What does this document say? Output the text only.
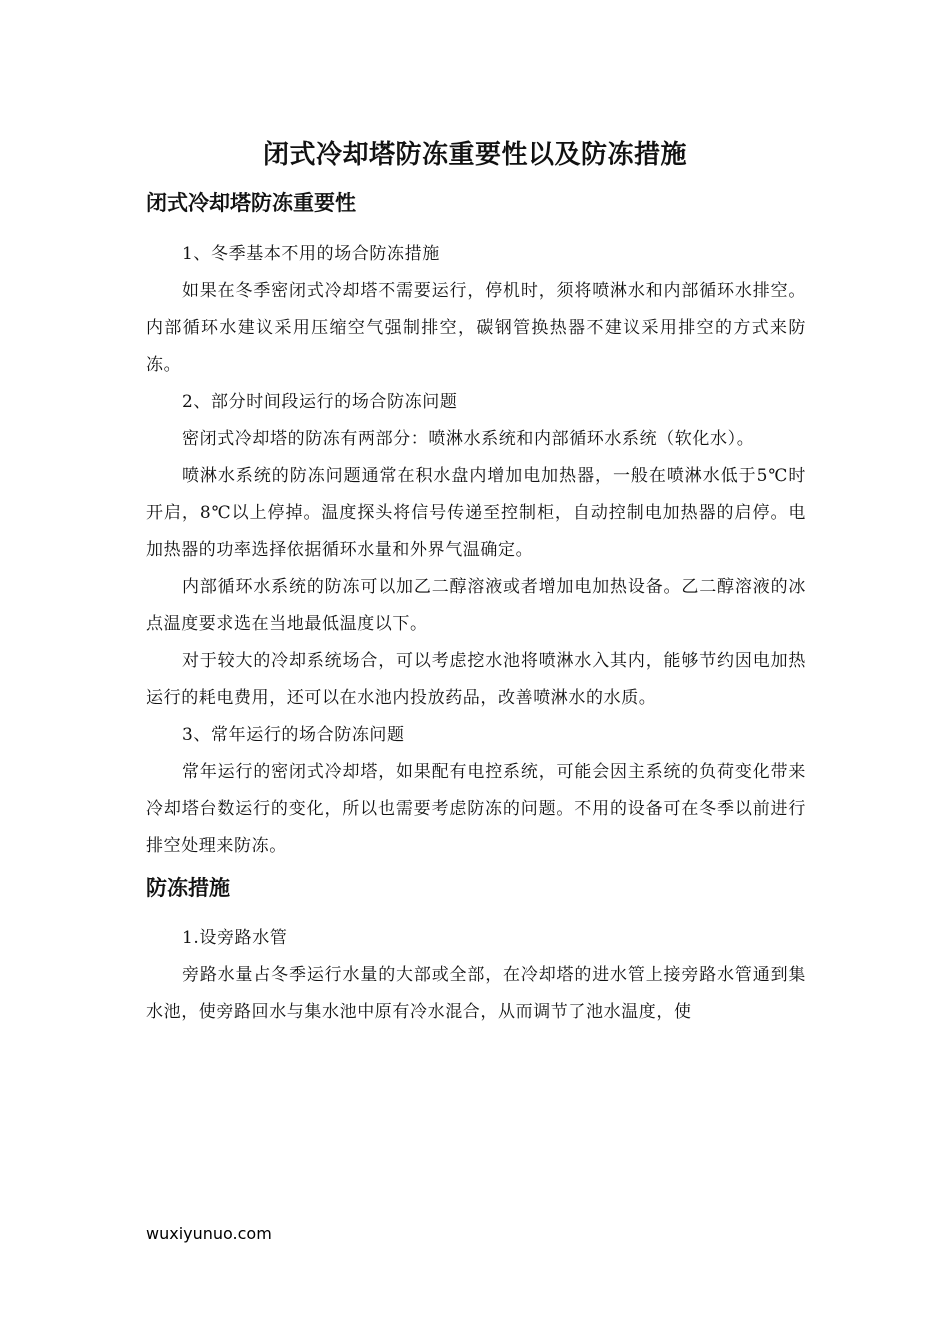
闭式冷却塔防冻重要性以及防冻措施
闭式冷却塔防冻重要性

1、冬季基本不用的场合防冻措施

如果在冬季密闭式冷却塔不需要运行，停机时，须将喷淋水和内部循环水排空。内部循环水建议采用压缩空气强制排空，碳钢管换热器不建议采用排空的方式来防冻。

2、部分时间段运行的场合防冻问题

密闭式冷却塔的防冻有两部分：喷淋水系统和内部循环水系统（软化水）。

喷淋水系统的防冻问题通常在积水盘内增加电加热器，一般在喷淋水低于5℃时开启，8℃以上停掉。温度探头将信号传递至控制柜，自动控制电加热器的启停。电加热器的功率选择依据循环水量和外界气温确定。

内部循环水系统的防冻可以加乙二醇溶液或者增加电加热设备。乙二醇溶液的冰点温度要求选在当地最低温度以下。

对于较大的冷却系统场合，可以考虑挖水池将喷淋水入其内，能够节约因电加热运行的耗电费用，还可以在水池内投放药品，改善喷淋水的水质。

3、常年运行的场合防冻问题

常年运行的密闭式冷却塔，如果配有电控系统，可能会因主系统的负荷变化带来冷却塔台数运行的变化，所以也需要考虑防冻的问题。不用的设备可在冬季以前进行排空处理来防冻。

防冻措施

1.设旁路水管

旁路水量占冬季运行水量的大部或全部，在冷却塔的进水管上接旁路水管通到集水池，使旁路回水与集水池中原有冷水混合，从而调节了池水温度，使

wuxiyunuo.com
